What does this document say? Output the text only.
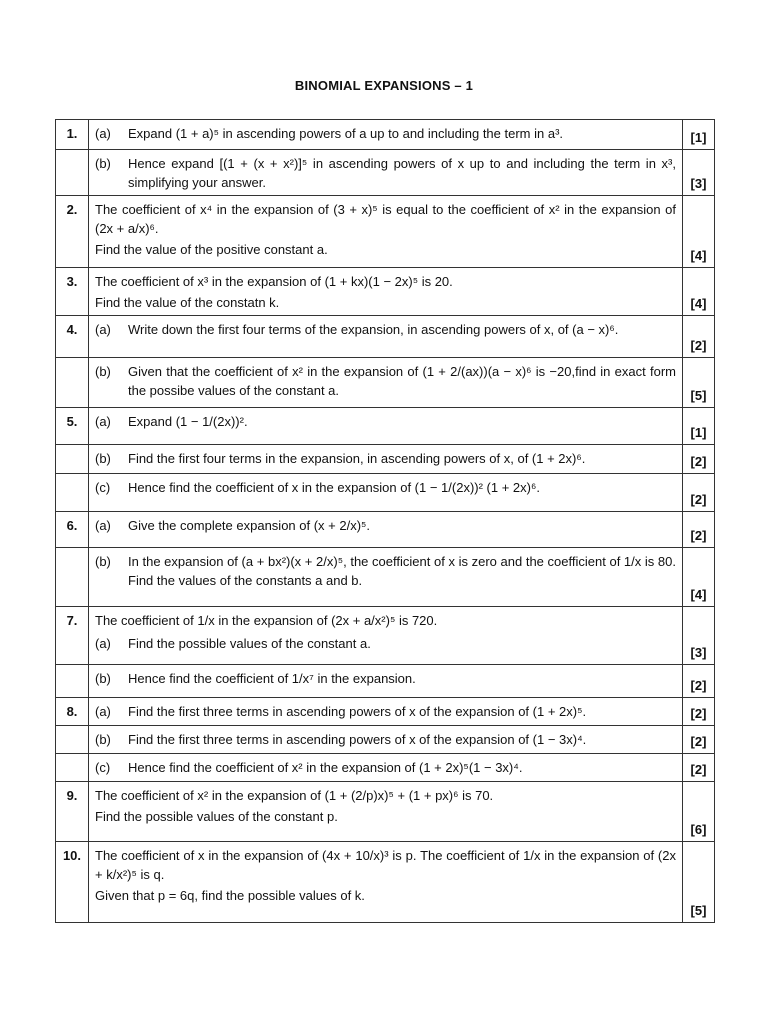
BINOMIAL EXPANSIONS – 1
1.	(a) Expand (1 + a)⁵ in ascending powers of a up to and including the term in a³.	[1]

	(b) Hence expand [(1 + (x + x²)]⁵ in ascending powers of x up to and including the term in x³, simplifying your answer.	[3]
2.	The coefficient of x⁴ in the expansion of (3 + x)⁵ is equal to the coefficient of x² in the expansion of (2x + a/x)⁶.
Find the value of the positive constant a.	[4]
3.	The coefficient of x³ in the expansion of (1 + kx)(1 − 2x)⁵ is 20.
Find the value of the constatn k.	[4]
4.	(a) Write down the first four terms of the expansion, in ascending powers of x, of (a − x)⁶.	[2]

	(b) Given that the coefficient of x² in the expansion of (1 + 2/(ax))(a − x)⁶ is −20,find in exact form the possibe values of the constant a.	[5]
5.	(a) Expand (1 − 1/(2x))².	[1]

	(b) Find the first four terms in the expansion, in ascending powers of x, of (1 + 2x)⁶.	[2]

	(c) Hence find the coefficient of x in the expansion of (1 − 1/(2x))² (1 + 2x)⁶.	[2]
6.	(a) Give the complete expansion of (x + 2/x)⁵.	[2]

	(b) In the expansion of (a + bx²)(x + 2/x)⁵, the coefficient of x is zero and the coefficient of 1/x is 80. Find the values of the constants a and b.	[4]
7.	The coefficient of 1/x in the expansion of (2x + a/x²)⁵ is 720.
(a) Find the possible values of the constant a.	[3]

	(b) Hence find the coefficient of 1/x⁷ in the expansion.	[2]
8.	(a) Find the first three terms in ascending powers of x of the expansion of (1 + 2x)⁵.	[2]

	(b) Find the first three terms in ascending powers of x of the expansion of (1 − 3x)⁴.	[2]

	(c) Hence find the coefficient of x² in the expansion of (1 + 2x)⁵(1 − 3x)⁴.	[2]
9.	The coefficient of x² in the expansion of (1 + (2/p)x)⁵ + (1 + px)⁶ is 70.
Find the possible values of the constant p.	[6]
10.	The coefficient of x in the expansion of (4x + 10/x)³ is p. The coefficient of 1/x in the expansion of (2x + k/x²)⁵ is q.
Given that p = 6q, find the possible values of k.	[5]
